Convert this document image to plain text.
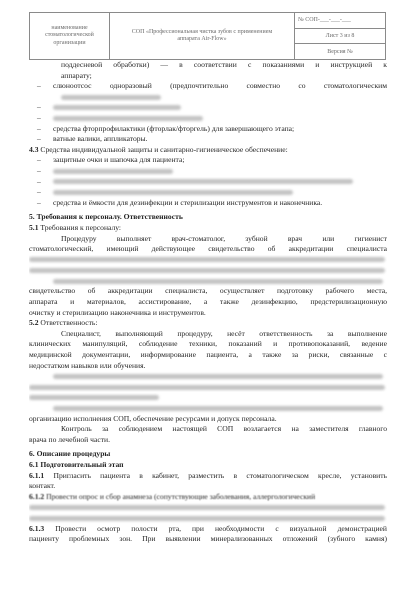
наименование
стоматологической
организации
СОП «Профессиональная чистка зубов с применением
аппарата Air-Flow»
№ СОП-___-___-___
Лист 3 из 8
Версия №
поддесневой обработки) — в соответствии с показаниями и инструкцией к
аппарату;
– слюноотсос одноразовый (предпочтительно совместно со стоматологическим
–
–
– средства фторпрофилактики (фторлак/фторгель) для завершающего этапа;
– ватные валики, аппликаторы.
4.3 Средства индивидуальной защиты и санитарно-гигиеническое обеспечение:
– защитные очки и шапочка для пациента;
–
–
–
– средства и ёмкости для дезинфекции и стерилизации инструментов и наконечника.
5. Требования к персоналу. Ответственность
5.1 Требования к персоналу:
Процедуру выполняет врач-стоматолог, зубной врач или гигиенист
стоматологический, имеющий действующее свидетельство об аккредитации специалиста
свидетельство об аккредитации специалиста, осуществляет подготовку рабочего места,
аппарата и материалов, ассистирование, а также дезинфекцию, предстерилизационную
очистку и стерилизацию наконечника и инструментов.
5.2 Ответственность:
Специалист, выполняющий процедуру, несёт ответственность за выполнение
клинических манипуляций, соблюдение техники, показаний и противопоказаний, ведение
медицинской документации, информирование пациента, а также за риски, связанные с
недостатком навыков или обучения.
организацию исполнения СОП, обеспечение ресурсами и допуск персонала.
Контроль за соблюдением настоящей СОП возлагается на заместителя главного
врача по лечебной части.
6. Описание процедуры
6.1 Подготовительный этап
6.1.1 Пригласить пациента в кабинет, разместить в стоматологическом кресле, установить
контакт.
6.1.2 Провести опрос и сбор анамнеза (сопутствующие заболевания, аллергологический
6.1.3 Провести осмотр полости рта, при необходимости с визуальной демонстрацией
пациенту проблемных зон. При выявлении минерализованных отложений (зубного камня)
